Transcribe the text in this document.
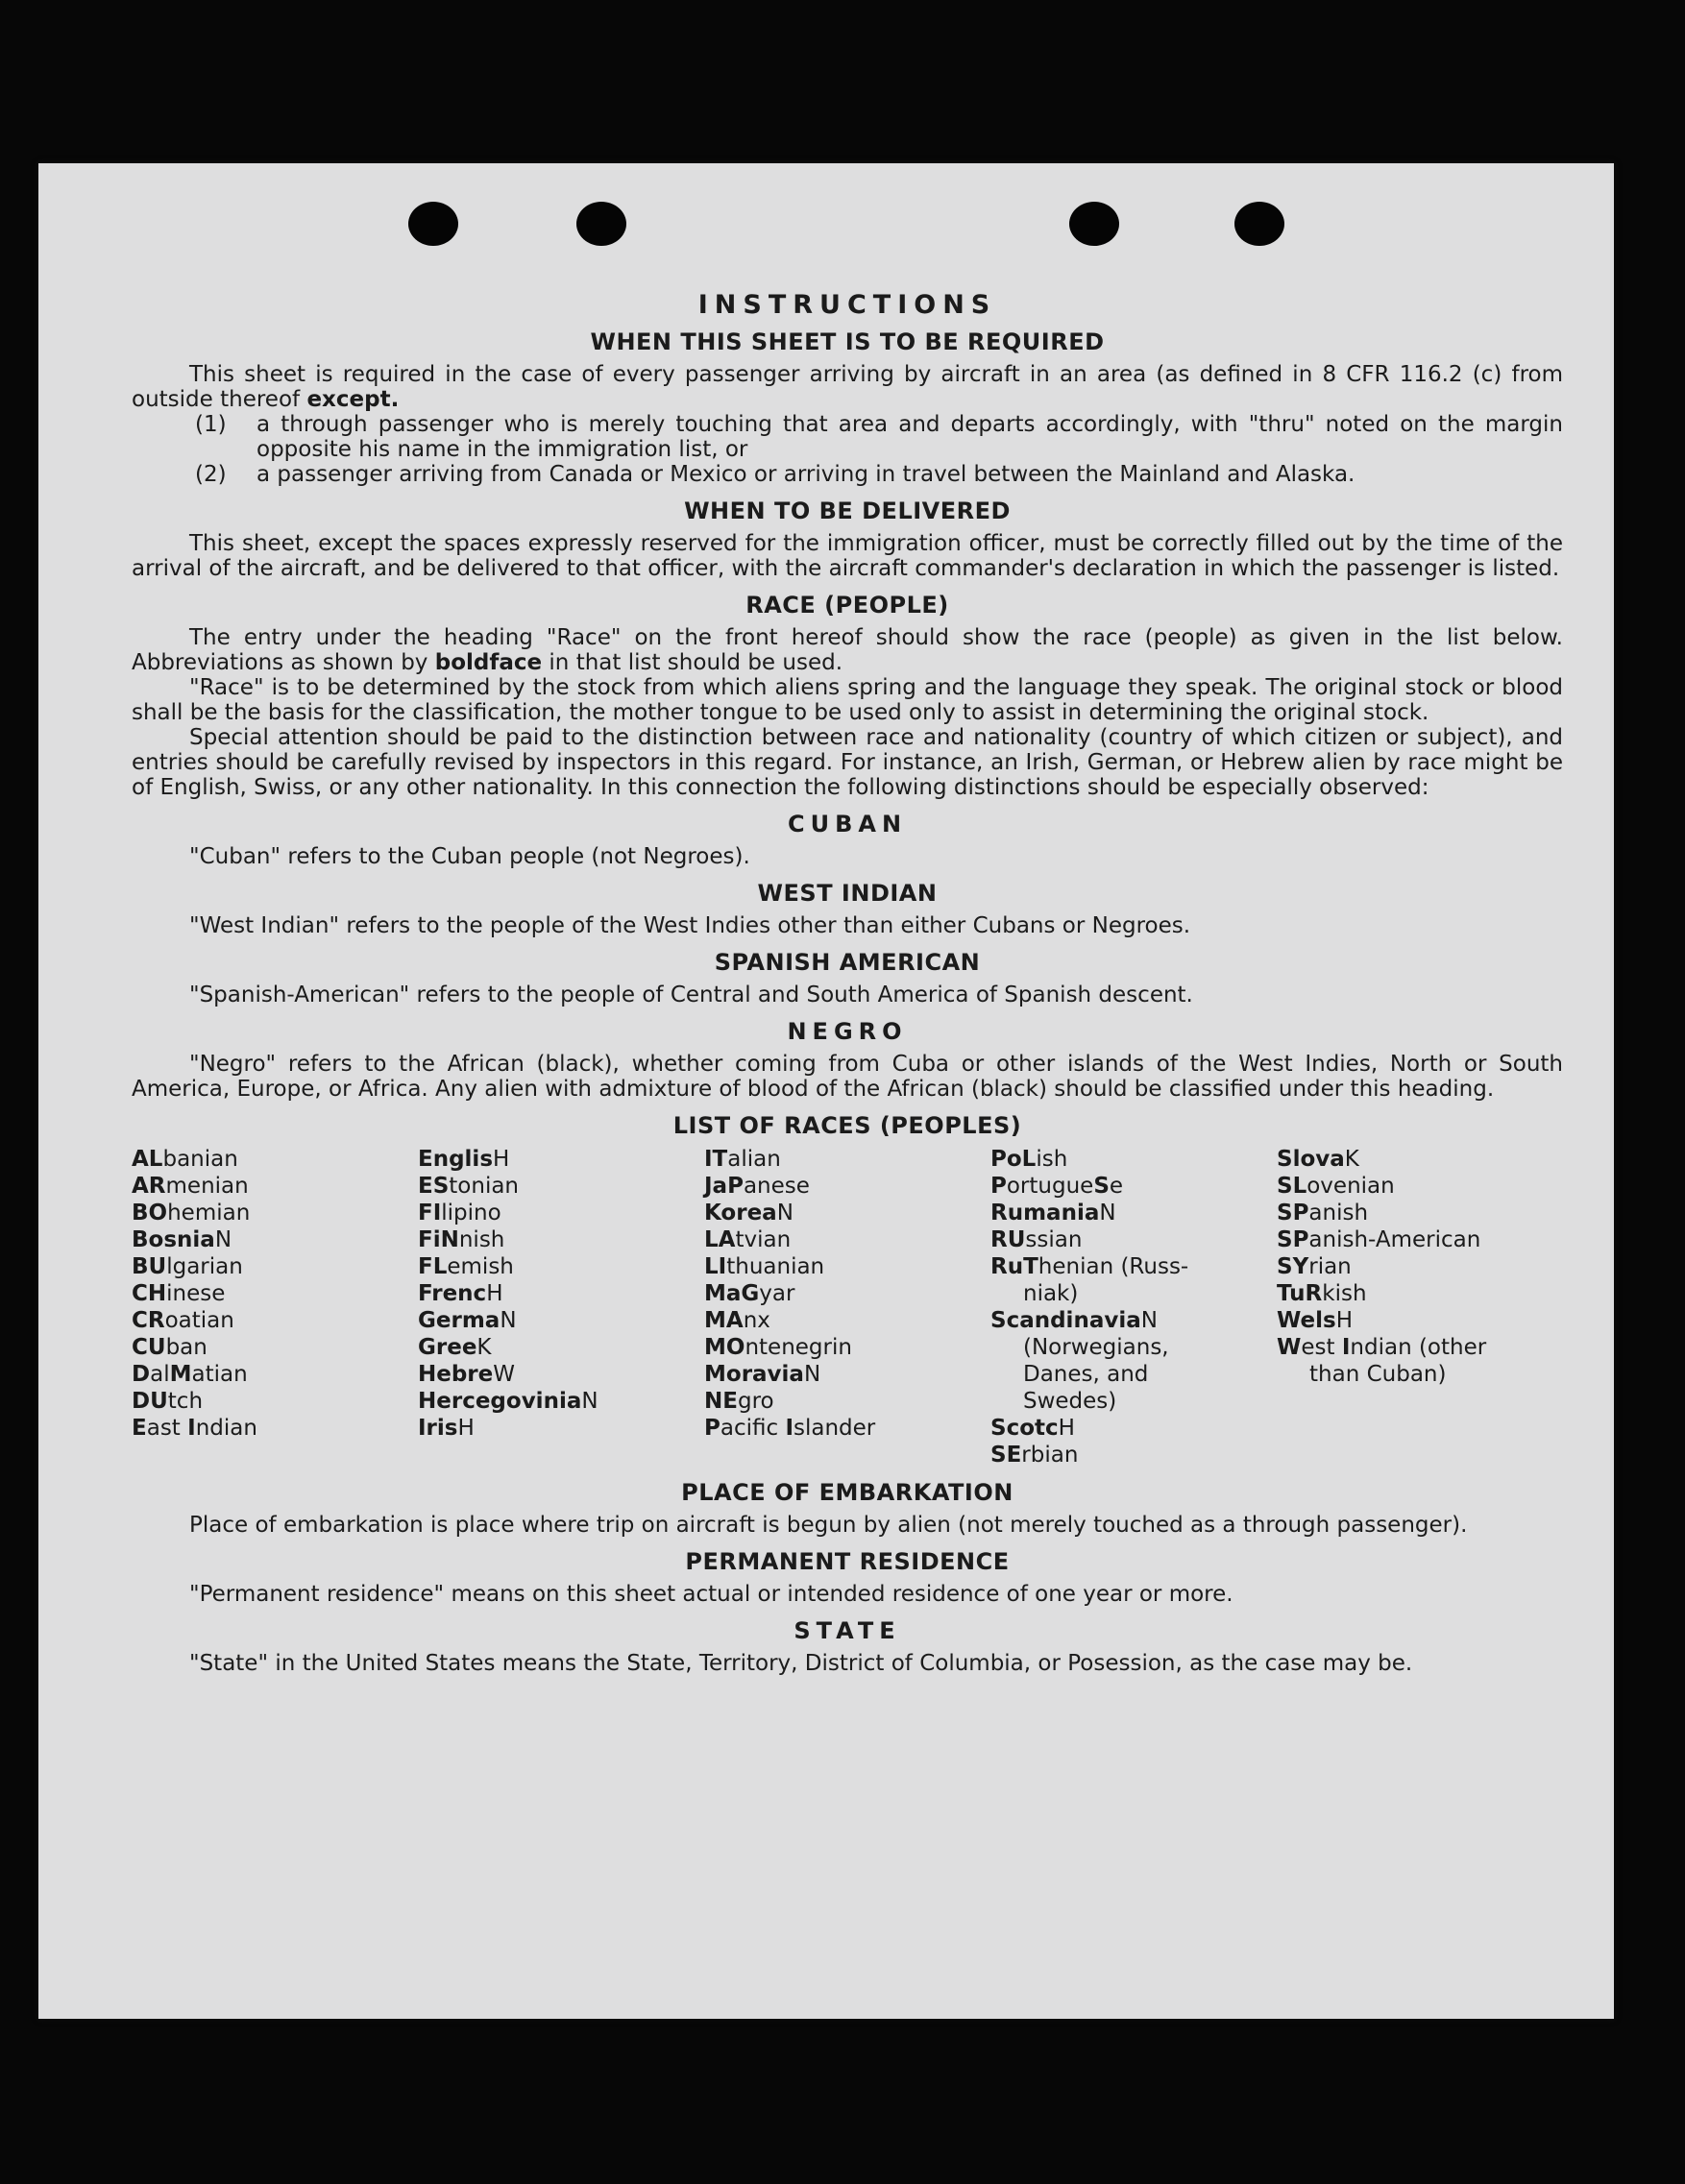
INSTRUCTIONS
WHEN THIS SHEET IS TO BE REQUIRED

This sheet is required in the case of every passenger arriving by aircraft in an area (as defined in 8 CFR 116.2 (c) from outside thereof except.

(1) a through passenger who is merely touching that area and departs accordingly, with "thru" noted on the margin opposite his name in the immigration list, or

(2) a passenger arriving from Canada or Mexico or arriving in travel between the Mainland and Alaska.

WHEN TO BE DELIVERED

This sheet, except the spaces expressly reserved for the immigration officer, must be correctly filled out by the time of the arrival of the aircraft, and be delivered to that officer, with the aircraft commander's declaration in which the passenger is listed.

RACE (PEOPLE)

The entry under the heading "Race" on the front hereof should show the race (people) as given in the list below. Abbreviations as shown by boldface in that list should be used.

"Race" is to be determined by the stock from which aliens spring and the language they speak. The original stock or blood shall be the basis for the classification, the mother tongue to be used only to assist in determining the original stock.

Special attention should be paid to the distinction between race and nationality (country of which citizen or subject), and entries should be carefully revised by inspectors in this regard. For instance, an Irish, German, or Hebrew alien by race might be of English, Swiss, or any other nationality. In this connection the following distinctions should be especially observed:

CUBAN

"Cuban" refers to the Cuban people (not Negroes).

WEST INDIAN

"West Indian" refers to the people of the West Indies other than either Cubans or Negroes.

SPANISH AMERICAN

"Spanish-American" refers to the people of Central and South America of Spanish descent.

NEGRO

"Negro" refers to the African (black), whether coming from Cuba or other islands of the West Indies, North or South America, Europe, or Africa. Any alien with admixture of blood of the African (black) should be classified under this heading.

LIST OF RACES (PEOPLES)
ALbanian
ARmenian
BOhemian
BosniaN
BUlgarian
CHinese
CRoatian
CUban
DalMatian
DUtch
East Indian
EnglisH
EStonian
FIlipino
FiNnish
FLemish
FrencH
GermaN
GreeK
HebreW
HercegoviniaN
IrisH
ITalian
JaPanese
KoreaN
LAtvian
LIthuanian
MaGyar
MAnx
MOntenegrin
MoraviaN
NEgro
Pacific Islander
PoLish
PortugueSe
RumaniaN
RUssian
RuThenian (Russ-
niak)
ScandinaviaN
(Norwegians,
Danes, and
Swedes)
ScotcH
SErbian
SlovaK
SLovenian
SPanish
SPanish-American
SYrian
TuRkish
WelsH
West Indian (other
than Cuban)
PLACE OF EMBARKATION

Place of embarkation is place where trip on aircraft is begun by alien (not merely touched as a through passenger).

PERMANENT RESIDENCE

"Permanent residence" means on this sheet actual or intended residence of one year or more.

STATE

"State" in the United States means the State, Territory, District of Columbia, or Posession, as the case may be.
